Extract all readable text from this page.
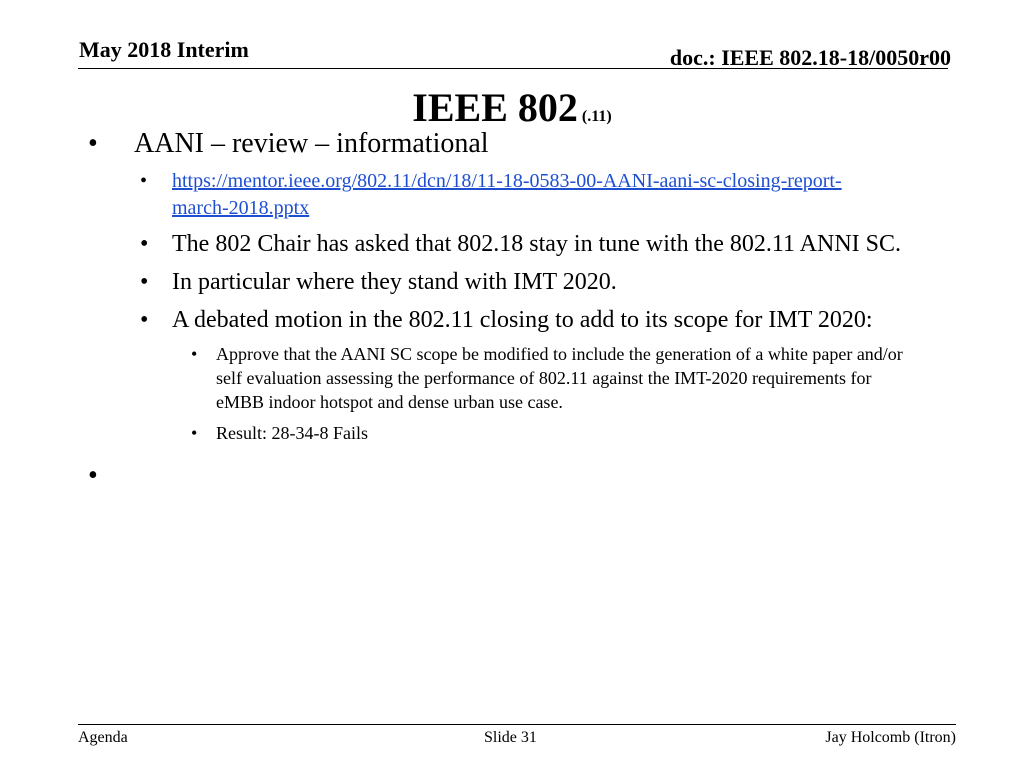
May 2018 Interim	doc.: IEEE 802.18-18/0050r00
IEEE 802 (.11)
• AANI – review – informational
• https://mentor.ieee.org/802.11/dcn/18/11-18-0583-00-AANI-aani-sc-closing-report-
march-2018.pptx
• The 802 Chair has asked that 802.18 stay in tune with the 802.11 ANNI SC.
• In particular where they stand with IMT 2020.
• A debated motion in the 802.11 closing to add to its scope for IMT 2020:
• Approve that the AANI SC scope be modified to include the generation of a white paper and/or
self evaluation assessing the performance of 802.11 against the IMT-2020 requirements for
eMBB indoor hotspot and dense urban use case.
• Result: 28-34-8 Fails
•
Agenda	Slide 31	Jay Holcomb (Itron)
